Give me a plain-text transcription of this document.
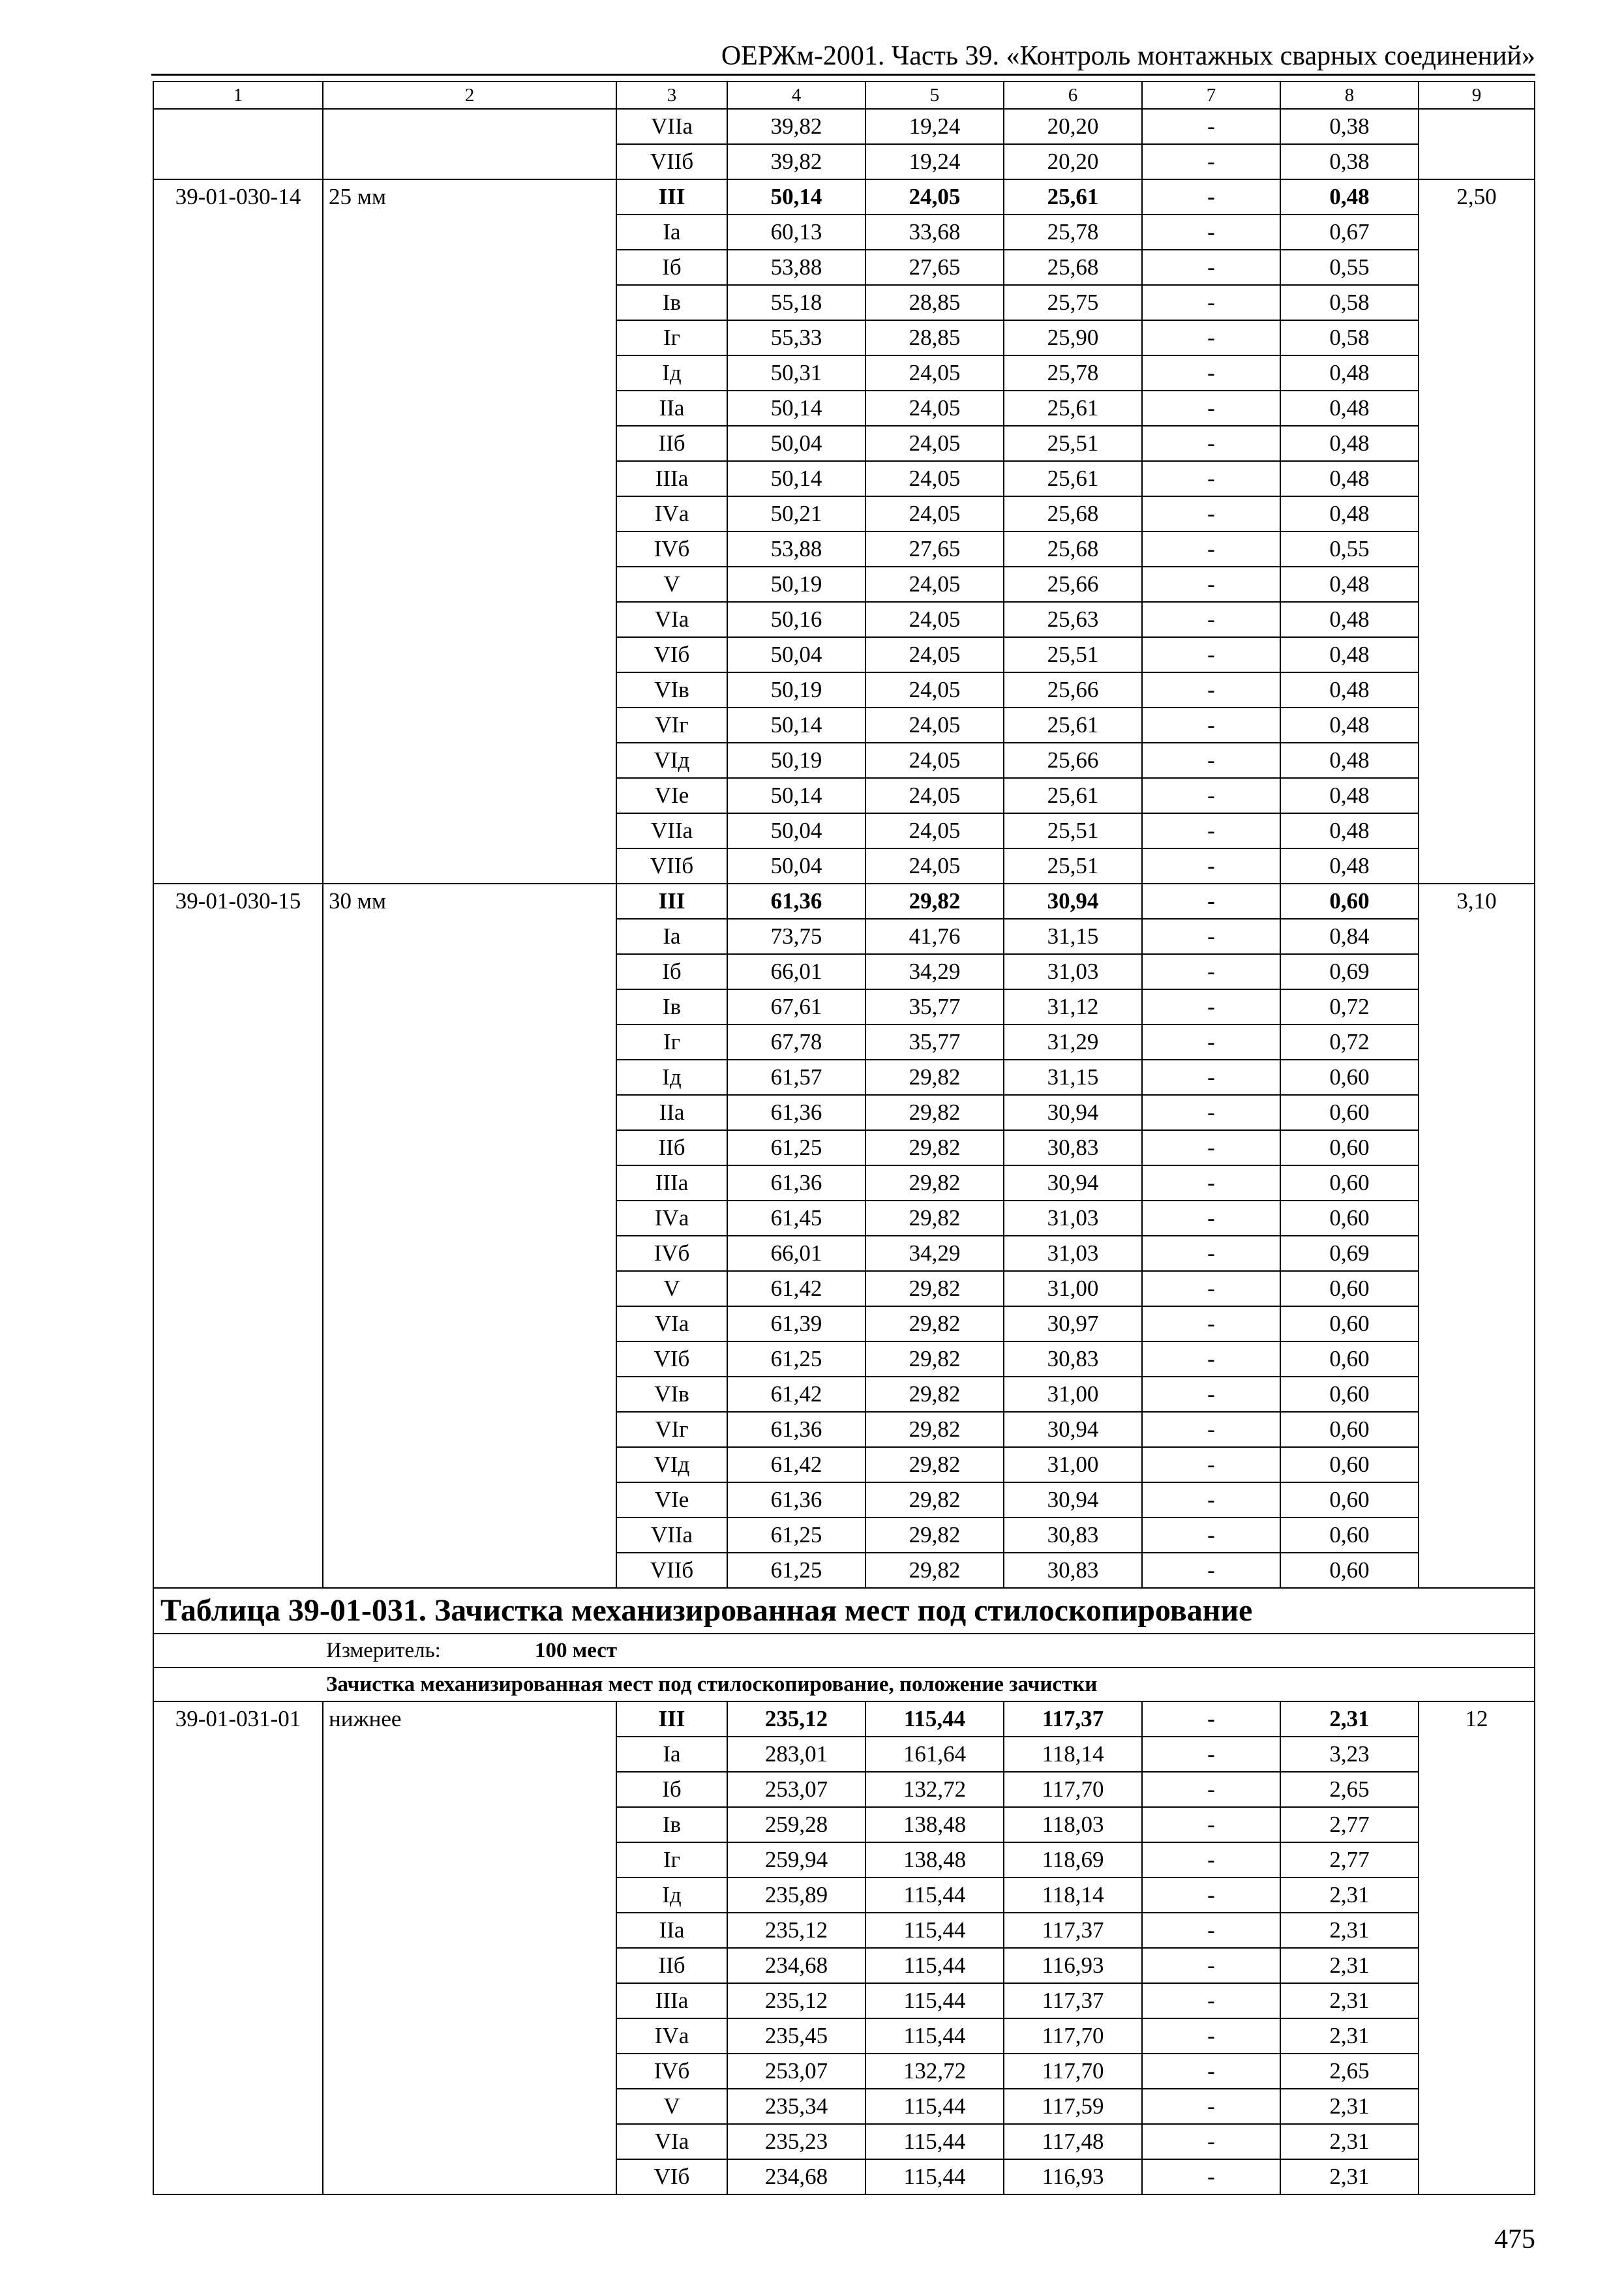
ОЕРЖм-2001. Часть 39. «Контроль монтажных сварных соединений»
1	2	3	4	5	6	7	8	9
		VIIа	39,82	19,24	20,20	-	0,38	
		VIIб	39,82	19,24	20,20	-	0,38	
39-01-030-14	25 мм	III	50,14	24,05	25,61	-	0,48	2,50
		Iа	60,13	33,68	25,78	-	0,67	
		Iб	53,88	27,65	25,68	-	0,55	
		Iв	55,18	28,85	25,75	-	0,58	
		Iг	55,33	28,85	25,90	-	0,58	
		Iд	50,31	24,05	25,78	-	0,48	
		IIа	50,14	24,05	25,61	-	0,48	
		IIб	50,04	24,05	25,51	-	0,48	
		IIIа	50,14	24,05	25,61	-	0,48	
		IVа	50,21	24,05	25,68	-	0,48	
		IVб	53,88	27,65	25,68	-	0,55	
		V	50,19	24,05	25,66	-	0,48	
		VIа	50,16	24,05	25,63	-	0,48	
		VIб	50,04	24,05	25,51	-	0,48	
		VIв	50,19	24,05	25,66	-	0,48	
		VIг	50,14	24,05	25,61	-	0,48	
		VIд	50,19	24,05	25,66	-	0,48	
		VIе	50,14	24,05	25,61	-	0,48	
		VIIа	50,04	24,05	25,51	-	0,48	
		VIIб	50,04	24,05	25,51	-	0,48	
39-01-030-15	30 мм	III	61,36	29,82	30,94	-	0,60	3,10
		Iа	73,75	41,76	31,15	-	0,84	
		Iб	66,01	34,29	31,03	-	0,69	
		Iв	67,61	35,77	31,12	-	0,72	
		Iг	67,78	35,77	31,29	-	0,72	
		Iд	61,57	29,82	31,15	-	0,60	
		IIа	61,36	29,82	30,94	-	0,60	
		IIб	61,25	29,82	30,83	-	0,60	
		IIIа	61,36	29,82	30,94	-	0,60	
		IVа	61,45	29,82	31,03	-	0,60	
		IVб	66,01	34,29	31,03	-	0,69	
		V	61,42	29,82	31,00	-	0,60	
		VIа	61,39	29,82	30,97	-	0,60	
		VIб	61,25	29,82	30,83	-	0,60	
		VIв	61,42	29,82	31,00	-	0,60	
		VIг	61,36	29,82	30,94	-	0,60	
		VIд	61,42	29,82	31,00	-	0,60	
		VIе	61,36	29,82	30,94	-	0,60	
		VIIа	61,25	29,82	30,83	-	0,60	
		VIIб	61,25	29,82	30,83	-	0,60	
Таблица 39-01-031. Зачистка механизированная мест под стилоскопирование								
Измеритель: 100 мест								
Зачистка механизированная мест под стилоскопирование, положение зачистки								
39-01-031-01	нижнее	III	235,12	115,44	117,37	-	2,31	12
		Iа	283,01	161,64	118,14	-	3,23	
		Iб	253,07	132,72	117,70	-	2,65	
		Iв	259,28	138,48	118,03	-	2,77	
		Iг	259,94	138,48	118,69	-	2,77	
		Iд	235,89	115,44	118,14	-	2,31	
		IIа	235,12	115,44	117,37	-	2,31	
		IIб	234,68	115,44	116,93	-	2,31	
		IIIа	235,12	115,44	117,37	-	2,31	
		IVа	235,45	115,44	117,70	-	2,31	
		IVб	253,07	132,72	117,70	-	2,65	
		V	235,34	115,44	117,59	-	2,31	
		VIа	235,23	115,44	117,48	-	2,31	
		VIб	234,68	115,44	116,93	-	2,31	
475
